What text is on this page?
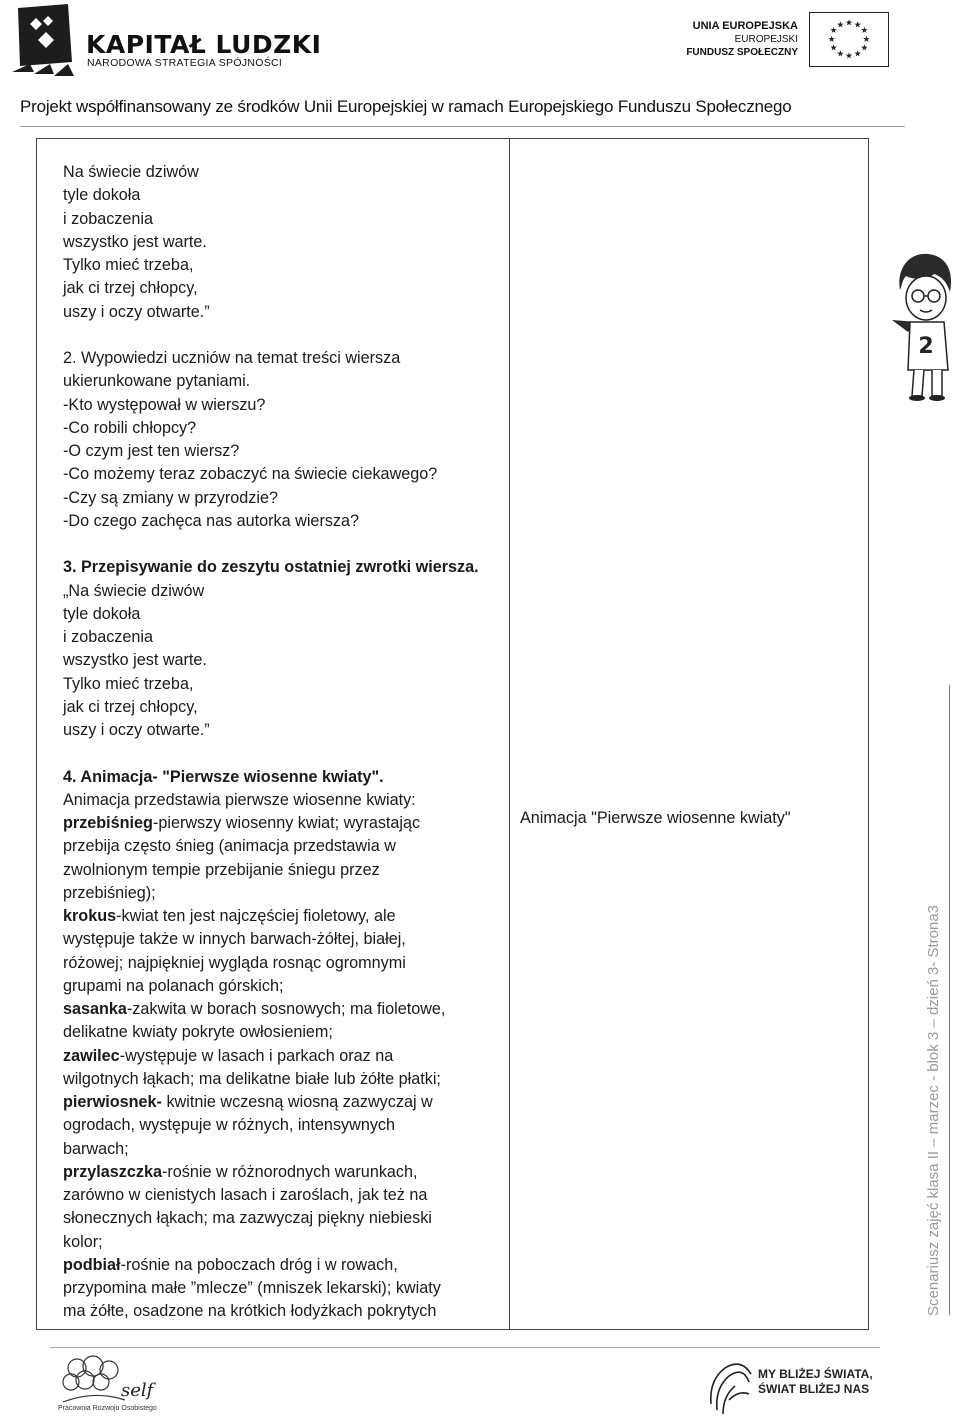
KAPITAŁ LUDZKI
NARODOWA STRATEGIA SPÓJNOŚCI
UNIA EUROPEJSKA
EUROPEJSKI
FUNDUSZ SPOŁECZNY
★ ★
★
★
★
★
★
★
★
★
★
★
Projekt współfinansowany ze środków Unii Europejskiej w ramach Europejskiego Funduszu Społecznego
Na świecie dziwów
tyle dokoła
i zobaczenia
wszystko jest warte.
Tylko mieć trzeba,
jak ci trzej chłopcy,
uszy i oczy otwarte.”
2. Wypowiedzi uczniów na temat treści wiersza
ukierunkowane pytaniami.
-Kto występował w wierszu?
-Co robili chłopcy?
-O czym jest ten wiersz?
-Co możemy teraz zobaczyć na świecie ciekawego?
-Czy są zmiany w przyrodzie?
-Do czego zachęca nas autorka wiersza?
3. Przepisywanie do zeszytu ostatniej zwrotki wiersza.
„Na świecie dziwów
tyle dokoła
i zobaczenia
wszystko jest warte.
Tylko mieć trzeba,
jak ci trzej chłopcy,
uszy i oczy otwarte.”
4. Animacja- "Pierwsze wiosenne kwiaty".
Animacja przedstawia pierwsze wiosenne kwiaty:
przebiśnieg-pierwszy wiosenny kwiat; wyrastając
przebija często śnieg (animacja przedstawia w
zwolnionym tempie przebijanie śniegu przez
przebiśnieg);
krokus-kwiat ten jest najczęściej fioletowy, ale
występuje także w innych barwach-żółtej, białej,
różowej; najpiękniej wygląda rosnąc ogromnymi
grupami na polanach górskich;
sasanka-zakwita w borach sosnowych; ma fioletowe,
delikatne kwiaty pokryte owłosieniem;
zawilec-występuje w lasach i parkach oraz na
wilgotnych łąkach; ma delikatne białe lub żółte płatki;
pierwiosnek- kwitnie wczesną wiosną zazwyczaj w
ogrodach, występuje w różnych, intensywnych
barwach;
przylaszczka-rośnie w różnorodnych warunkach,
zarówno w cienistych lasach i zaroślach, jak też na
słonecznych łąkach; ma zazwyczaj piękny niebieski
kolor;
podbiał-rośnie na poboczach dróg i w rowach,
przypomina małe ”mlecze” (mniszek lekarski); kwiaty
ma żółte, osadzone na krótkich łodyżkach pokrytych
Animacja "Pierwsze wiosenne kwiaty"
2
Scenariusz zajęć klasa II – marzec - blok 3 – dzień 3- Strona3
self
Pracownia Rozwoju Osobistego
MY BLIŻEJ ŚWIATA,
ŚWIAT BLIŻEJ NAS
